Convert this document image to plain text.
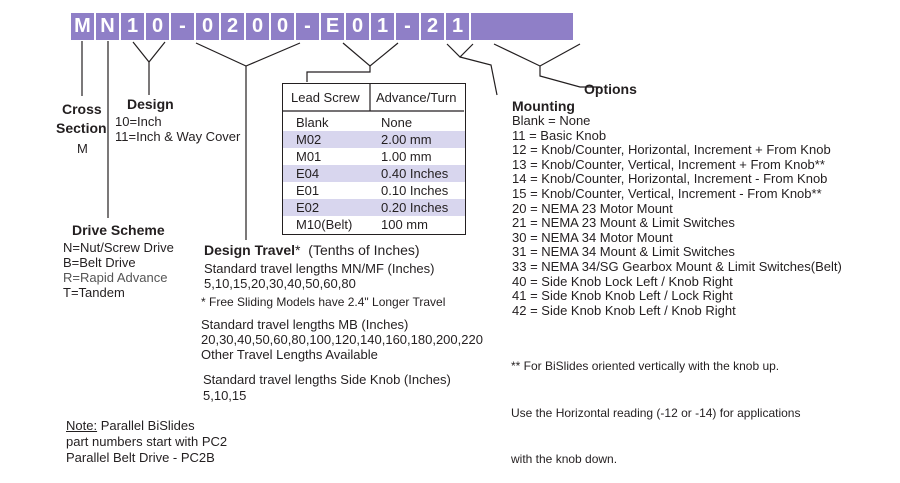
M N 1 0 - 0 2 0 0 - E 0 1 - 2 1
Cross
Section
M
Design
10=Inch
11=Inch & Way Cover
Drive Scheme
N=Nut/Screw Drive
B=Belt Drive
R=Rapid Advance
T=Tandem
Lead Screw Advance/Turn
Blank	None
M02	2.00 mm
M01	1.00 mm
E04	0.40 Inches
E01	0.10 Inches
E02	0.20 Inches
M10(Belt) 100 mm
Design Travel* (Tenths of Inches)
Standard travel lengths MN/MF (Inches)
5,10,15,20,30,40,50,60,80
* Free Sliding Models have 2.4" Longer Travel
Standard travel lengths MB (Inches)
20,30,40,50,60,80,100,120,140,160,180,200,220
Other Travel Lengths Available
Standard travel lengths Side Knob (Inches)
5,10,15
Note: Parallel BiSlides
part numbers start with PC2
Parallel Belt Drive - PC2B
Options
Mounting
Blank = None
11 = Basic Knob
12 = Knob/Counter, Horizontal, Increment + From Knob
13 = Knob/Counter, Vertical, Increment + From Knob**
14 = Knob/Counter, Horizontal, Increment - From Knob
15 = Knob/Counter, Vertical, Increment - From Knob**
20 = NEMA 23 Motor Mount
21 = NEMA 23 Mount & Limit Switches
30 = NEMA 34 Motor Mount
31 = NEMA 34 Mount & Limit Switches
33 = NEMA 34/SG Gearbox Mount & Limit Switches(Belt)
40 = Side Knob Lock Left / Knob Right
41 = Side Knob Knob Left / Lock Right
42 = Side Knob Knob Left / Knob Right

** For BiSlides oriented vertically with the knob up.

Use the Horizontal reading (-12 or -14) for applications

with the knob down.
